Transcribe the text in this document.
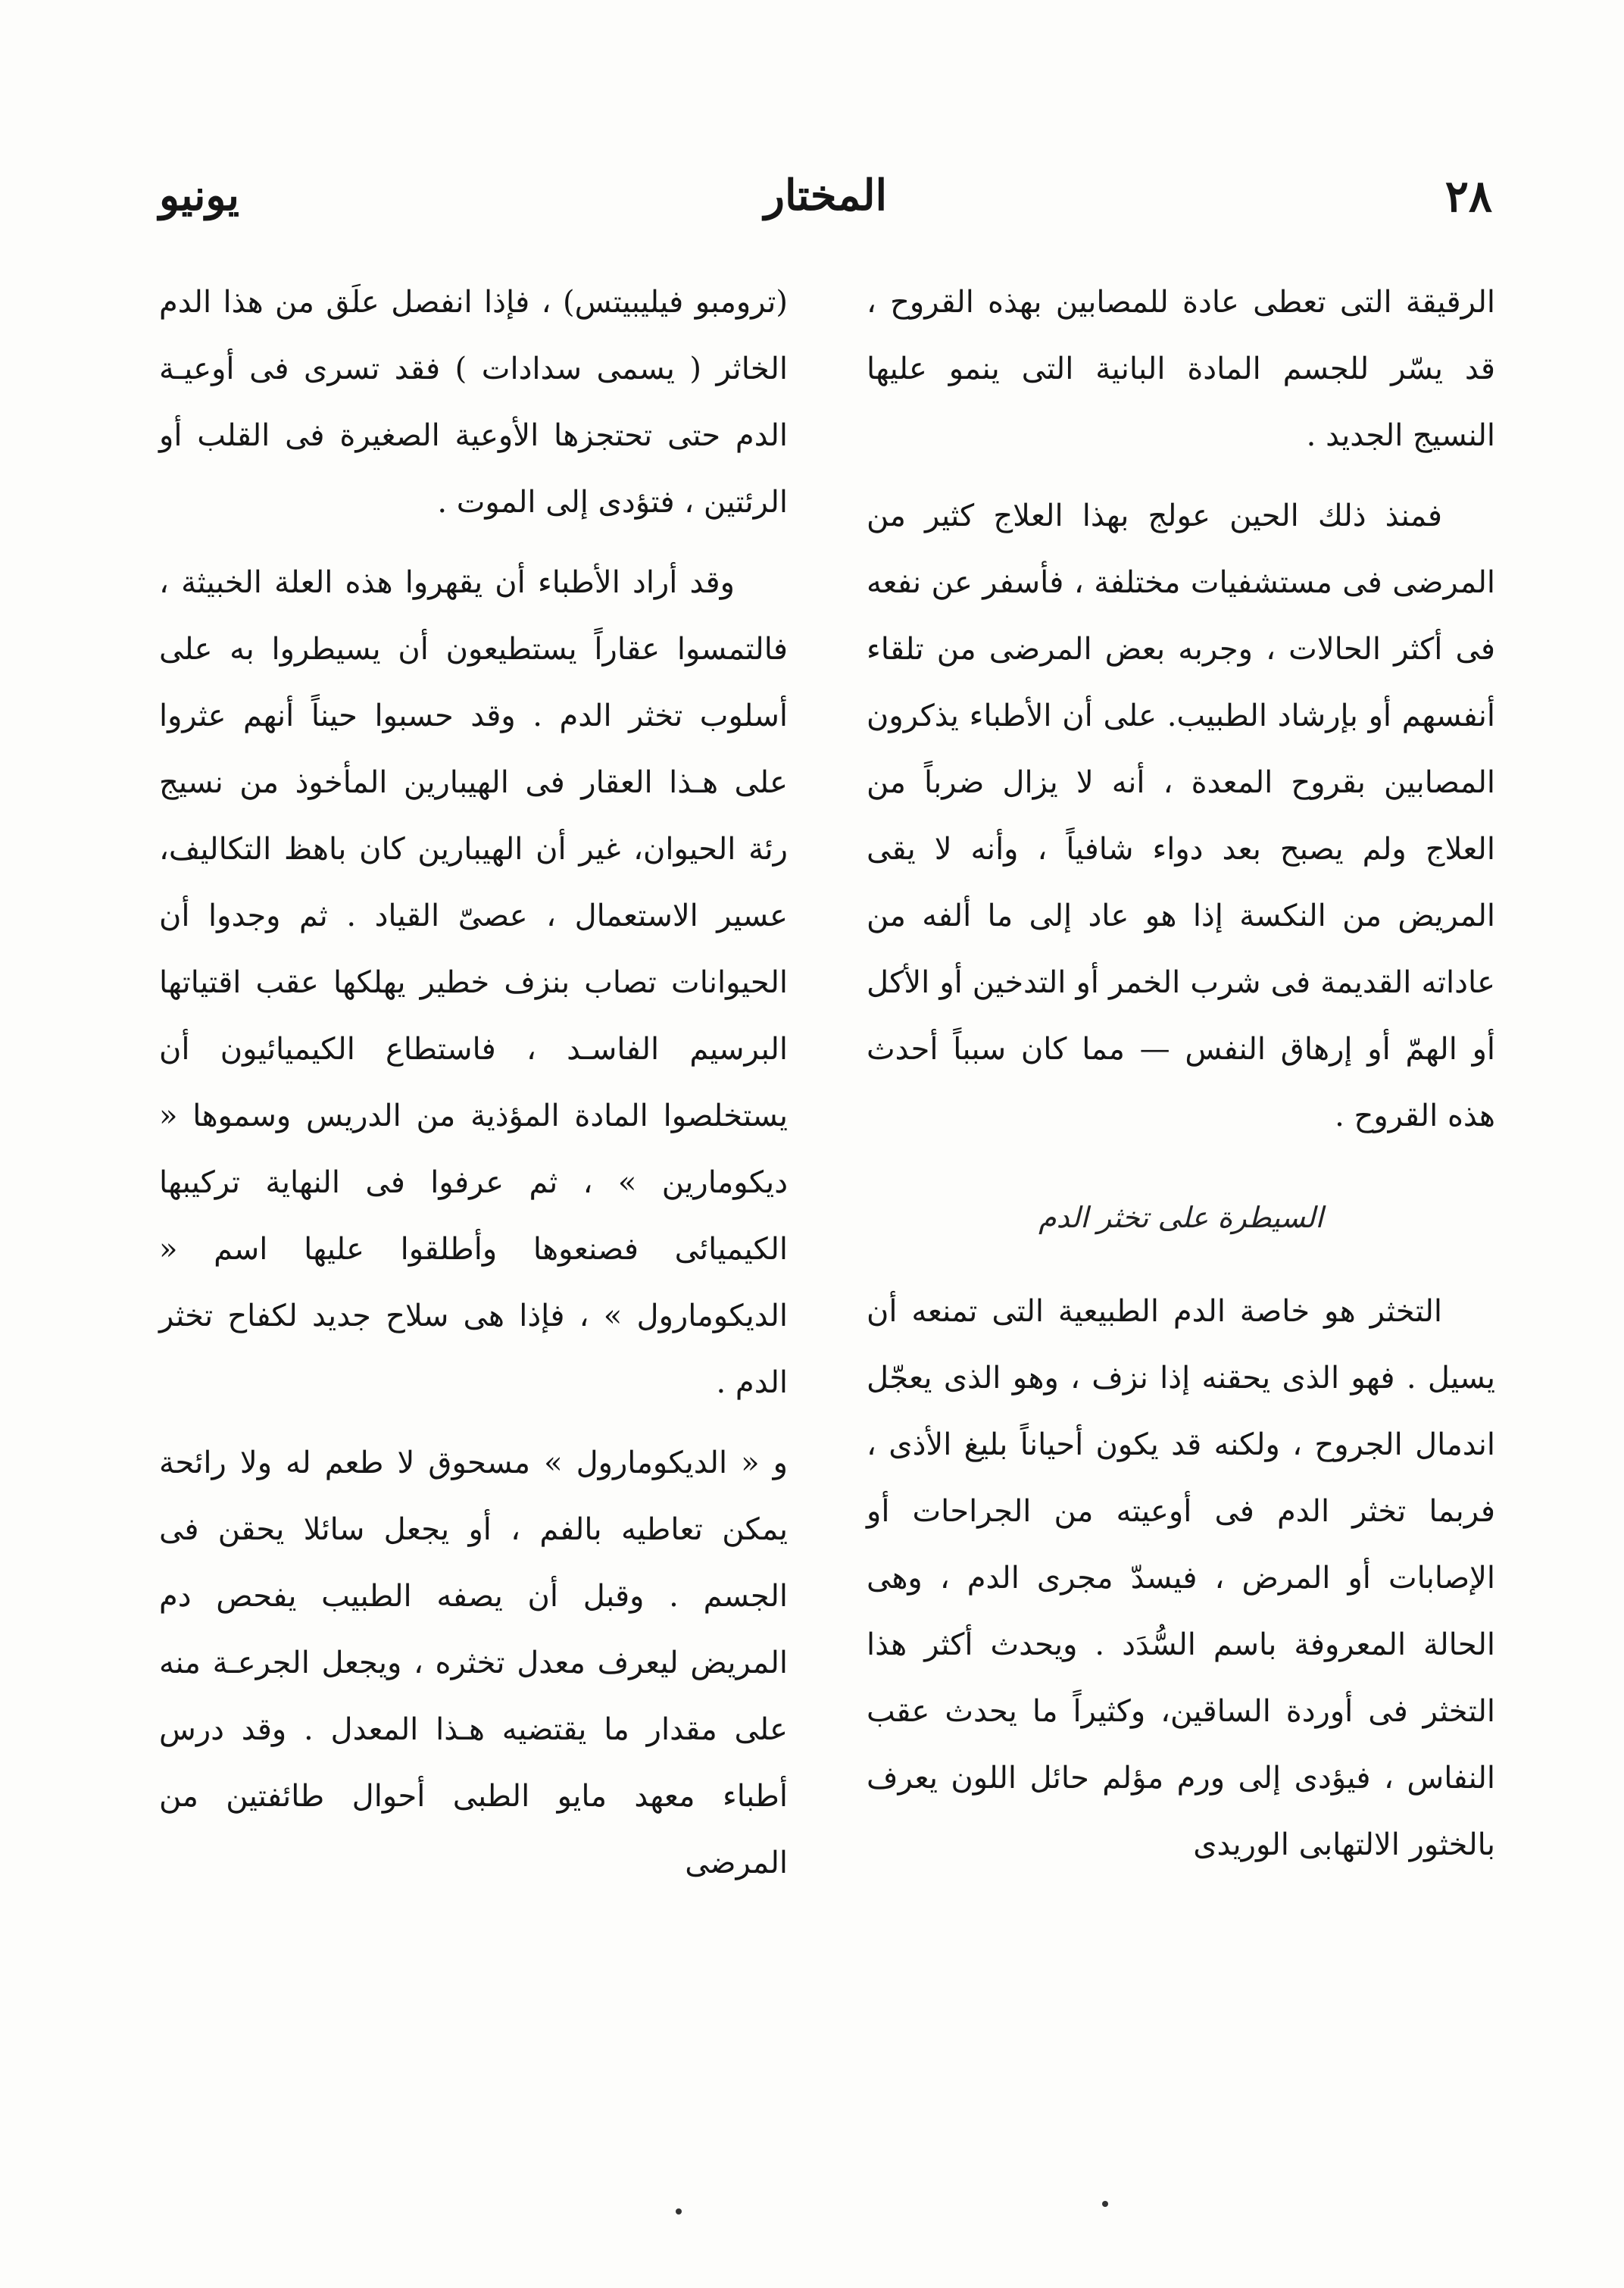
٢٨
المختار
يونيو

الرقيقة التى تعطى عادة للمصابين بهذه القروح ، قد يسّر للجسم المادة البانية التى ينمو عليها النسيج الجديد .

فمنذ ذلك الحين عولج بهذا العلاج كثير من المرضى فى مستشفيات مختلفة ، فأسفر عن نفعه فى أكثر الحالات ، وجربه بعض المرضى من تلقاء أنفسهم أو بإرشاد الطبيب. على أن الأطباء يذكرون المصابين بقروح المعدة ، أنه لا يزال ضرباً من العلاج ولم يصبح بعد دواء شافياً ، وأنه لا يقى المريض من النكسة إذا هو عاد إلى ما ألفه من عاداته القديمة فى شرب الخمر أو التدخين أو الأكل أو الهمّ أو إرهاق النفس — مما كان سبباً أحدث هذه القروح .

السيطرة على تخثر الدم

التخثر هو خاصة الدم الطبيعية التى تمنعه أن يسيل . فهو الذى يحقنه إذا نزف ، وهو الذى يعجّل اندمال الجروح ، ولكنه قد يكون أحياناً بليغ الأذى ، فربما تخثر الدم فى أوعيته من الجراحات أو الإصابات أو المرض ، فيسدّ مجرى الدم ، وهى الحالة المعروفة باسم السُّدَد . ويحدث أكثر هذا التخثر فى أوردة الساقين، وكثيراً ما يحدث عقب النفاس ، فيؤدى إلى ورم مؤلم حائل اللون يعرف بالخثور الالتهابى الوريدى

(ترومبو فيليبيتس) ، فإذا انفصل علَق من هذا الدم الخاثر ( يسمى سدادات ) فقد تسرى فى أوعيـة الدم حتى تحتجزها الأوعية الصغيرة فى القلب أو الرئتين ، فتؤدى إلى الموت .

وقد أراد الأطباء أن يقهروا هذه العلة الخبيثة ، فالتمسوا عقاراً يستطيعون أن يسيطروا به على أسلوب تخثر الدم . وقد حسبوا حيناً أنهم عثروا على هـذا العقار فى الهيبارين المأخوذ من نسيج رئة الحيوان، غير أن الهيبارين كان باهظ التكاليف، عسير الاستعمال ، عصىّ القياد . ثم وجدوا أن الحيوانات تصاب بنزف خطير يهلكها عقب اقتياتها البرسيم الفاسـد ، فاستطاع الكيميائيون أن يستخلصوا المادة المؤذية من الدريس وسموها « ديكومارين » ، ثم عرفوا فى النهاية تركيبها الكيميائى فصنعوها وأطلقوا عليها اسم « الديكومارول » ، فإذا هى سلاح جديد لكفاح تخثر الدم .

و « الديكومارول » مسحوق لا طعم له ولا رائحة يمكن تعاطيه بالفم ، أو يجعل سائلا يحقن فى الجسم . وقبل أن يصفه الطبيب يفحص دم المريض ليعرف معدل تخثره ، ويجعل الجرعـة منه على مقدار ما يقتضيه هـذا المعدل . وقد درس أطباء معهد مايو الطبى أحوال طائفتين من المرضى
